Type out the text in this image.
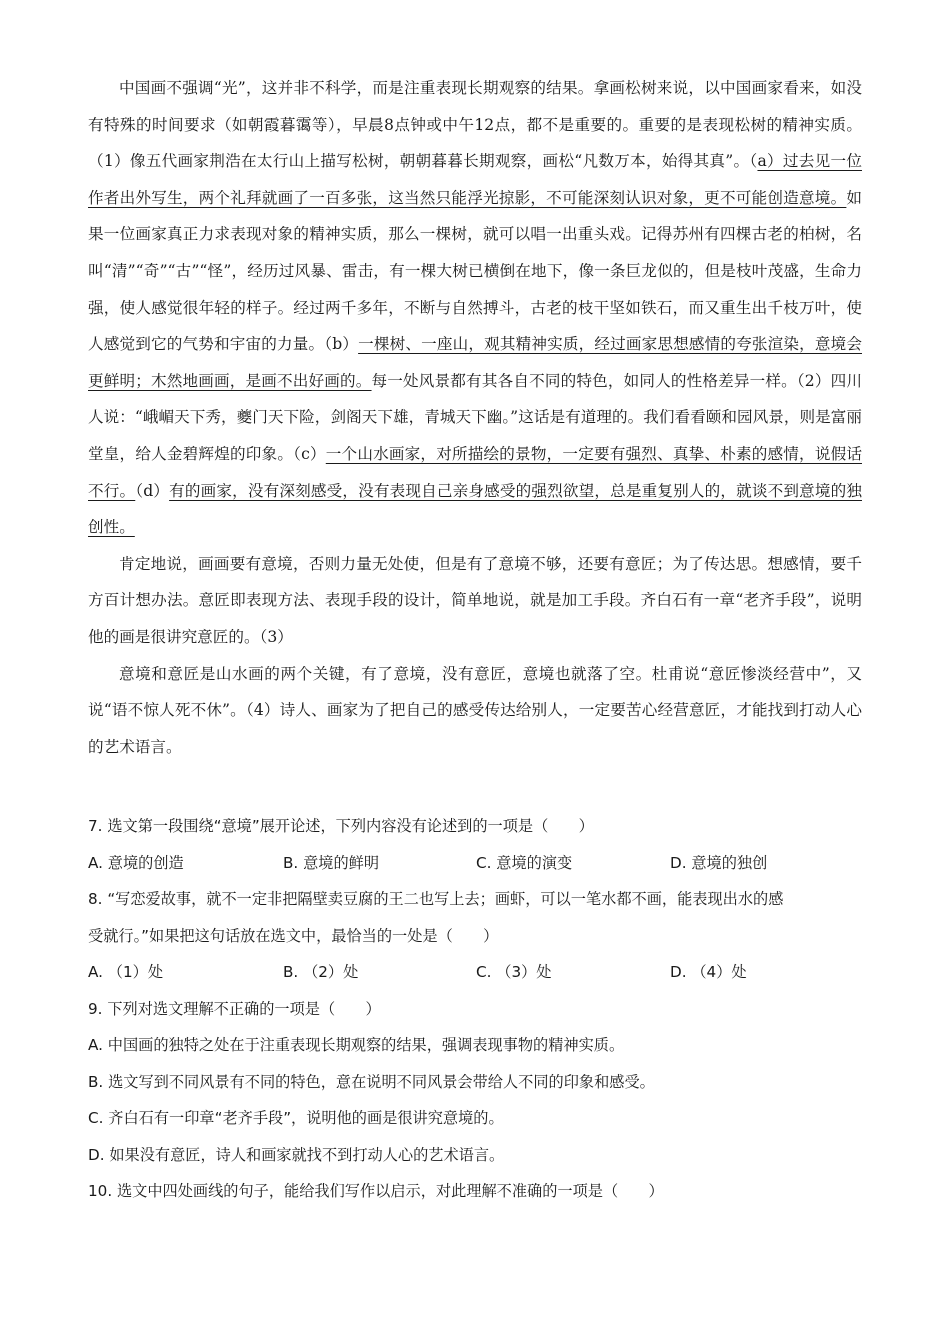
中国画不强调“光”，这并非不科学，而是注重表现长期观察的结果。拿画松树来说，以中国画家看来，如没有特殊的时间要求（如朝霞暮霭等），早晨8点钟或中午12点，都不是重要的。重要的是表现松树的精神实质。（1）像五代画家荆浩在太行山上描写松树，朝朝暮暮长期观察，画松“凡数万本，始得其真”。（a）过去见一位作者出外写生，两个礼拜就画了一百多张，这当然只能浮光掠影，不可能深刻认识对象，更不可能创造意境。如果一位画家真正力求表现对象的精神实质，那么一棵树，就可以唱一出重头戏。记得苏州有四棵古老的柏树，名叫“清”“奇”“古”“怪”，经历过风暴、雷击，有一棵大树已横倒在地下，像一条巨龙似的，但是枝叶茂盛，生命力强，使人感觉很年轻的样子。经过两千多年，不断与自然搏斗，古老的枝干坚如铁石，而又重生出千枝万叶，使人感觉到它的气势和宇宙的力量。（b）一棵树、一座山，观其精神实质，经过画家思想感情的夸张渲染，意境会更鲜明；木然地画画，是画不出好画的。每一处风景都有其各自不同的特色，如同人的性格差异一样。（2）四川人说：“峨嵋天下秀，夔门天下险，剑阁天下雄，青城天下幽。”这话是有道理的。我们看看颐和园风景，则是富丽堂皇，给人金碧辉煌的印象。（c）一个山水画家，对所描绘的景物，一定要有强烈、真挚、朴素的感情，说假话不行。（d）有的画家，没有深刻感受，没有表现自己亲身感受的强烈欲望，总是重复别人的，就谈不到意境的独创性。

肯定地说，画画要有意境，否则力量无处使，但是有了意境不够，还要有意匠；为了传达思。想感情，要千方百计想办法。意匠即表现方法、表现手段的设计，简单地说，就是加工手段。齐白石有一章“老齐手段”，说明他的画是很讲究意匠的。（3）

意境和意匠是山水画的两个关键，有了意境，没有意匠，意境也就落了空。杜甫说“意匠惨淡经营中”，又说“语不惊人死不休”。（4）诗人、画家为了把自己的感受传达给别人，一定要苦心经营意匠，才能找到打动人心的艺术语言。

7. 选文第一段围绕“意境”展开论述，下列内容没有论述到的一项是（　　）
A. 意境的创造	B. 意境的鲜明	C. 意境的演变	D. 意境的独创
8. “写恋爱故事，就不一定非把隔壁卖豆腐的王二也写上去；画虾，可以一笔水都不画，能表现出水的感
受就行。”如果把这句话放在选文中，最恰当的一处是（　　）
A. （1）处	B. （2）处	C. （3）处	D. （4）处
9. 下列对选文理解不正确的一项是（　　）
A. 中国画的独特之处在于注重表现长期观察的结果，强调表现事物的精神实质。
B. 选文写到不同风景有不同的特色，意在说明不同风景会带给人不同的印象和感受。
C. 齐白石有一印章“老齐手段”，说明他的画是很讲究意境的。
D. 如果没有意匠，诗人和画家就找不到打动人心的艺术语言。
10. 选文中四处画线的句子，能给我们写作以启示，对此理解不准确的一项是（　　）
